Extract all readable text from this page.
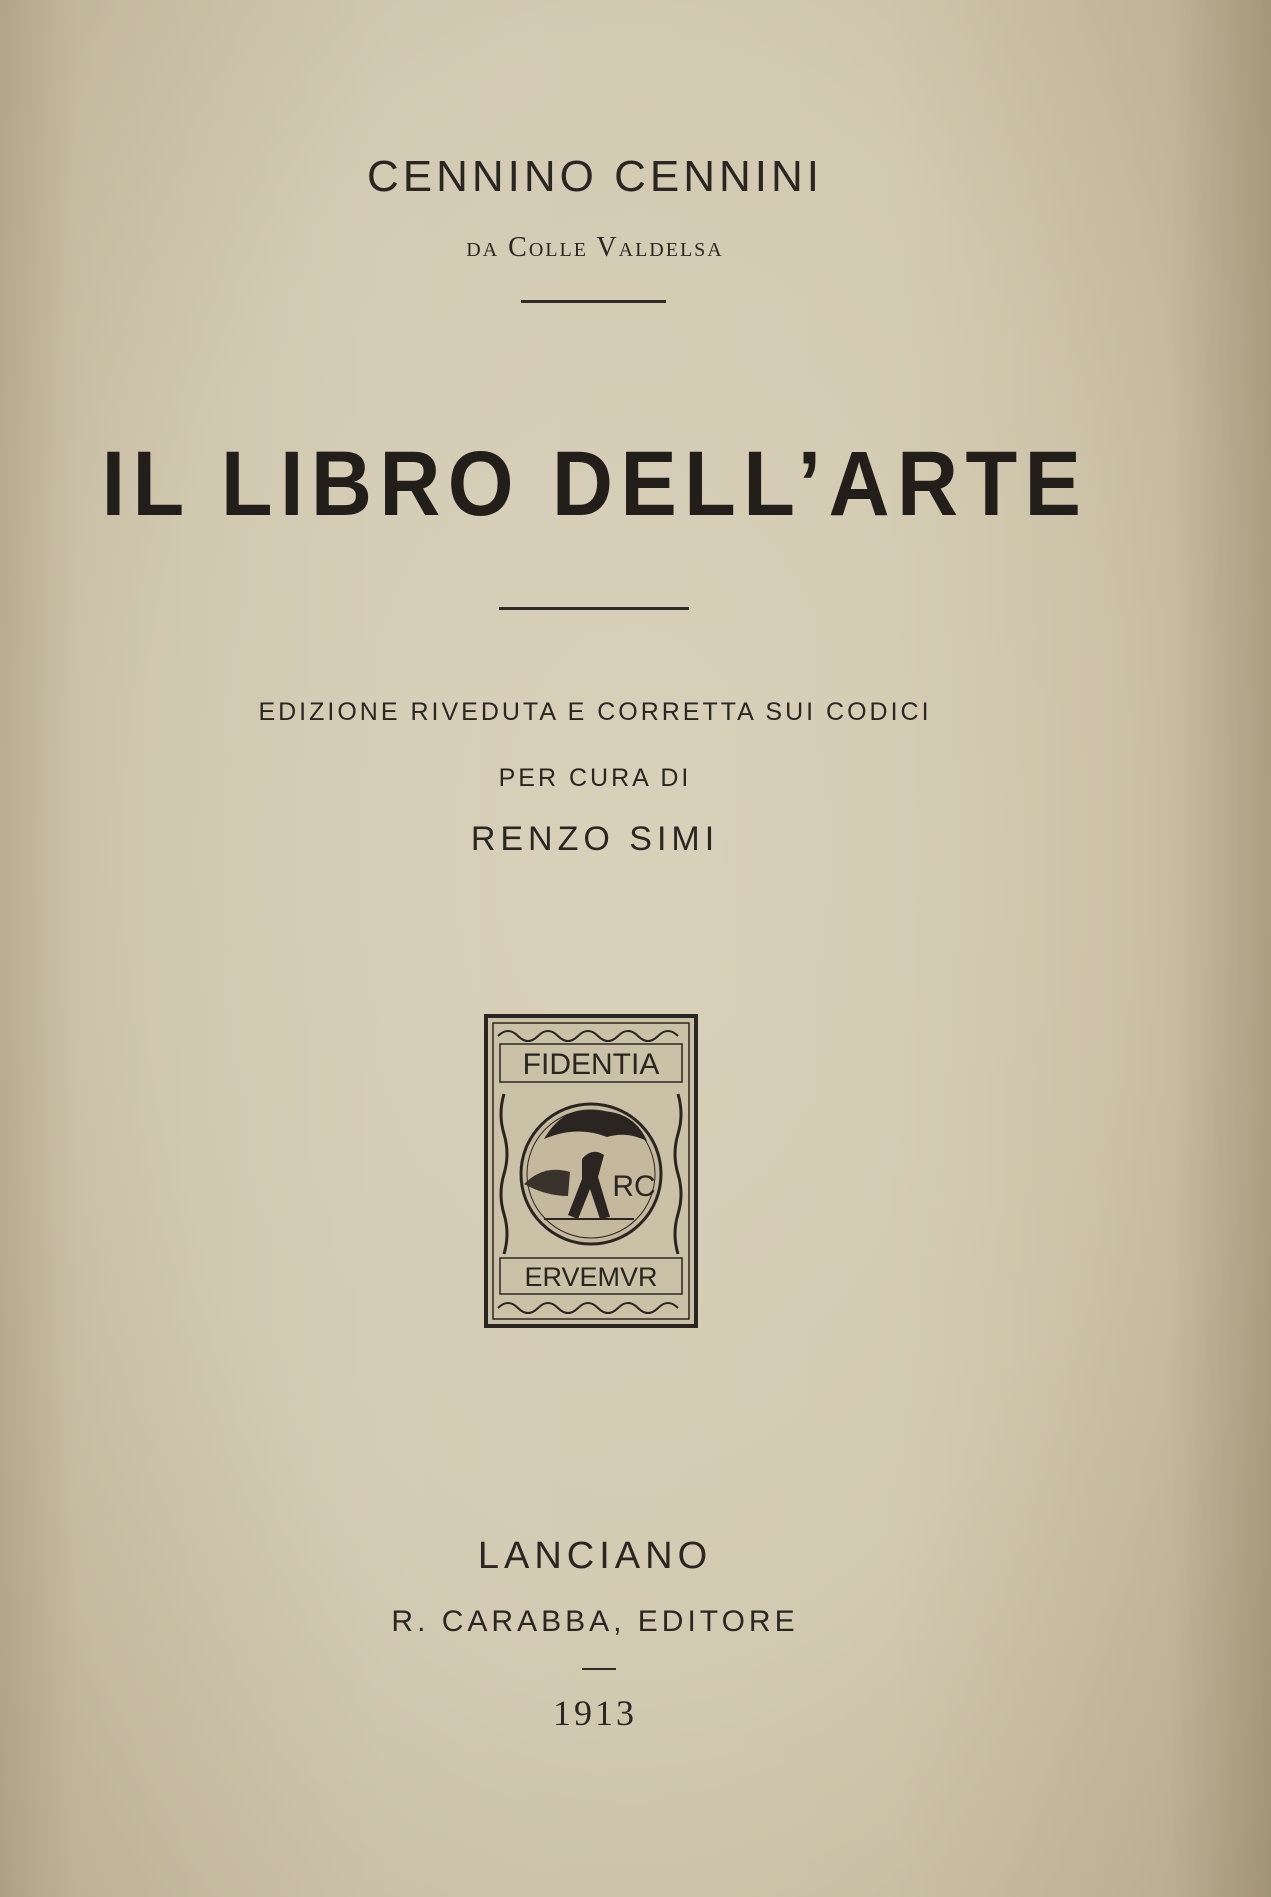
CENNINO CENNINI
da Colle Valdelsa
IL LIBRO DELL’ARTE
EDIZIONE RIVEDUTA E CORRETTA SUI CODICI
PER CURA DI
RENZO SIMI
FIDENTIA
RC
ERVEMVR
LANCIANO
R. CARABBA, EDITORE
1913
